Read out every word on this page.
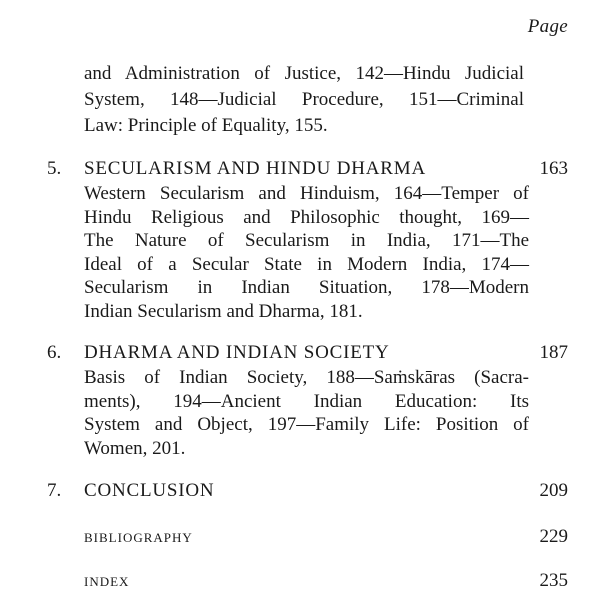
Page
and Administration of Justice, 142—Hindu Judicial
System, 148—Judicial Procedure, 151—Criminal
Law: Principle of Equality, 155.
5. SECULARISM AND HINDU DHARMA	163
Western Secularism and Hinduism, 164—Temper of
Hindu Religious and Philosophic thought, 169—
The Nature of Secularism in India, 171—The
Ideal of a Secular State in Modern India, 174—
Secularism in Indian Situation, 178—Modern
Indian Secularism and Dharma, 181.
6. DHARMA AND INDIAN SOCIETY	187
Basis of Indian Society, 188—Saṁskāras (Sacra-
ments), 194—Ancient Indian Education: Its
System and Object, 197—Family Life: Position of
Women, 201.
7. CONCLUSION	209
BIBLIOGRAPHY	229
INDEX	235
